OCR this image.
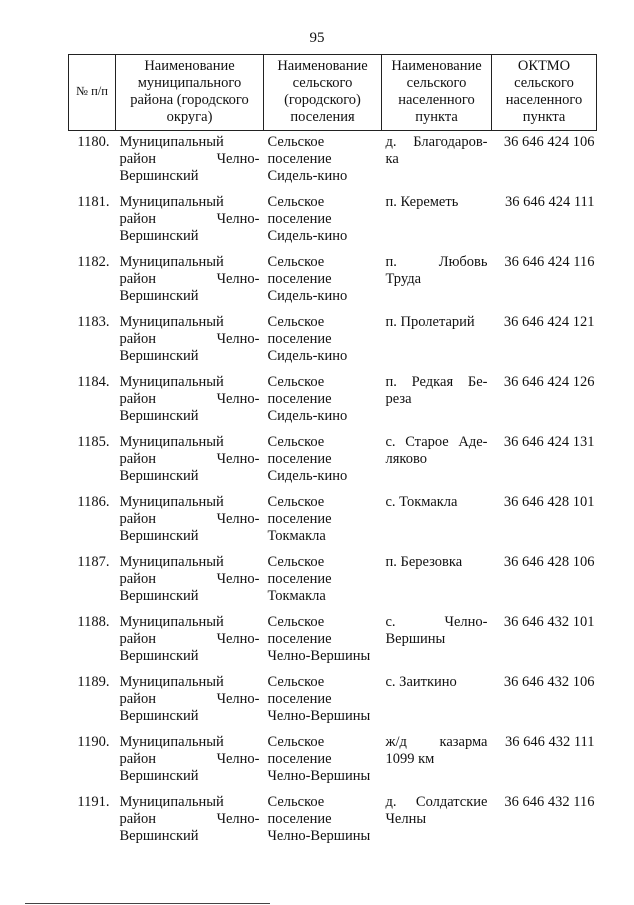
95
№ п/п	Наименование муниципального района (городского округа)	Наименование сельского (городского) поселения	Наименование сельского населенного пункта	ОКТМО сельского населенного пункта
1180.	Муниципальный район Челно-Вершинский	Сельское поселение Сидель-кино	д. Благодаров-ка	36 646 424 106
1181.	Муниципальный район Челно-Вершинский	Сельское поселение Сидель-кино	п. Кереметь	36 646 424 111
1182.	Муниципальный район Челно-Вершинский	Сельское поселение Сидель-кино	п. Любовь Труда	36 646 424 116
1183.	Муниципальный район Челно-Вершинский	Сельское поселение Сидель-кино	п. Пролетарий	36 646 424 121
1184.	Муниципальный район Челно-Вершинский	Сельское поселение Сидель-кино	п. Редкая Бе-реза	36 646 424 126
1185.	Муниципальный район Челно-Вершинский	Сельское поселение Сидель-кино	с. Старое Аде-ляково	36 646 424 131
1186.	Муниципальный район Челно-Вершинский	Сельское поселение Токмакла	с. Токмакла	36 646 428 101
1187.	Муниципальный район Челно-Вершинский	Сельское поселение Токмакла	п. Березовка	36 646 428 106
1188.	Муниципальный район Челно-Вершинский	Сельское поселение Челно-Вершины	с. Челно-Вершины	36 646 432 101
1189.	Муниципальный район Челно-Вершинский	Сельское поселение Челно-Вершины	с. Заиткино	36 646 432 106
1190.	Муниципальный район Челно-Вершинский	Сельское поселение Челно-Вершины	ж/д казарма 1099 км	36 646 432 111
1191.	Муниципальный район Челно-Вершинский	Сельское поселение Челно-Вершины	д. Солдатские Челны	36 646 432 116
